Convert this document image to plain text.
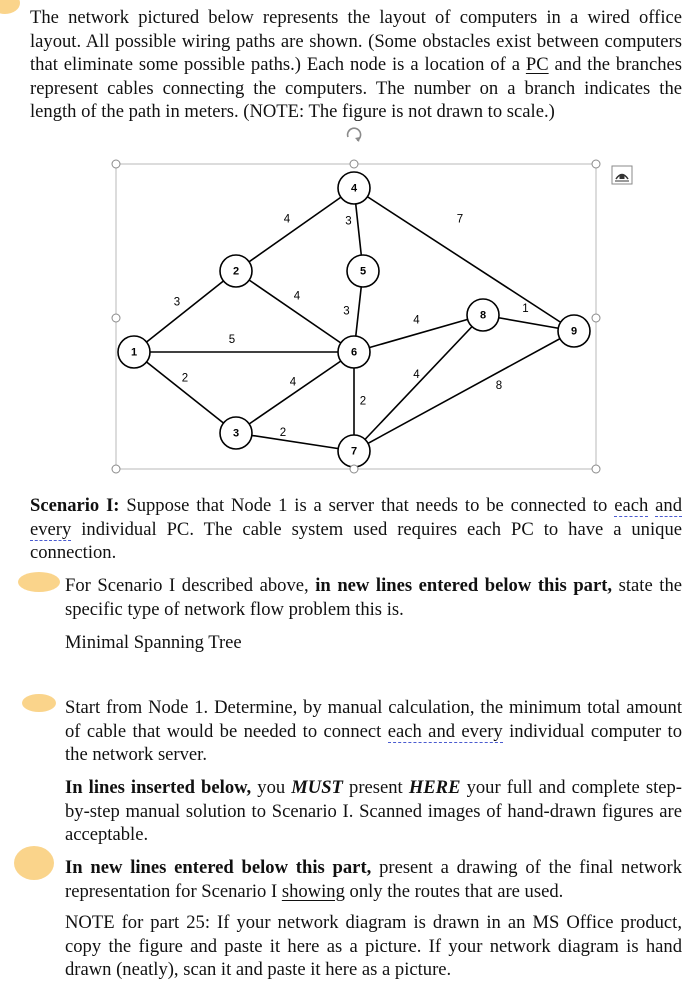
The network pictured below represents the layout of computers in a wired office layout. All possible wiring paths are shown. (Some obstacles exist between computers that eliminate some possible paths.) Each node is a location of a PC and the branches represent cables connecting the computers. The number on a branch indicates the length of the path in meters. (NOTE: The figure is not drawn to scale.)

3
5
2
4
4
4
2
3	7
3
4
2
4
8
1
1
2
3
4
5
6
7
8
9

Scenario I: Suppose that Node 1 is a server that needs to be connected to each and every individual PC. The cable system used requires each PC to have a unique connection.

For Scenario I described above, in new lines entered below this part, state the specific type of network flow problem this is.

Minimal Spanning Tree

Start from Node 1. Determine, by manual calculation, the minimum total amount of cable that would be needed to connect each and every individual computer to the network server.

In lines inserted below, you MUST present HERE your full and complete step-by-step manual solution to Scenario I. Scanned images of hand-drawn figures are acceptable.

In new lines entered below this part, present a drawing of the final network representation for Scenario I showing only the routes that are used.

NOTE for part 25: If your network diagram is drawn in an MS Office product, copy the figure and paste it here as a picture. If your network diagram is hand drawn (neatly), scan it and paste it here as a picture.
